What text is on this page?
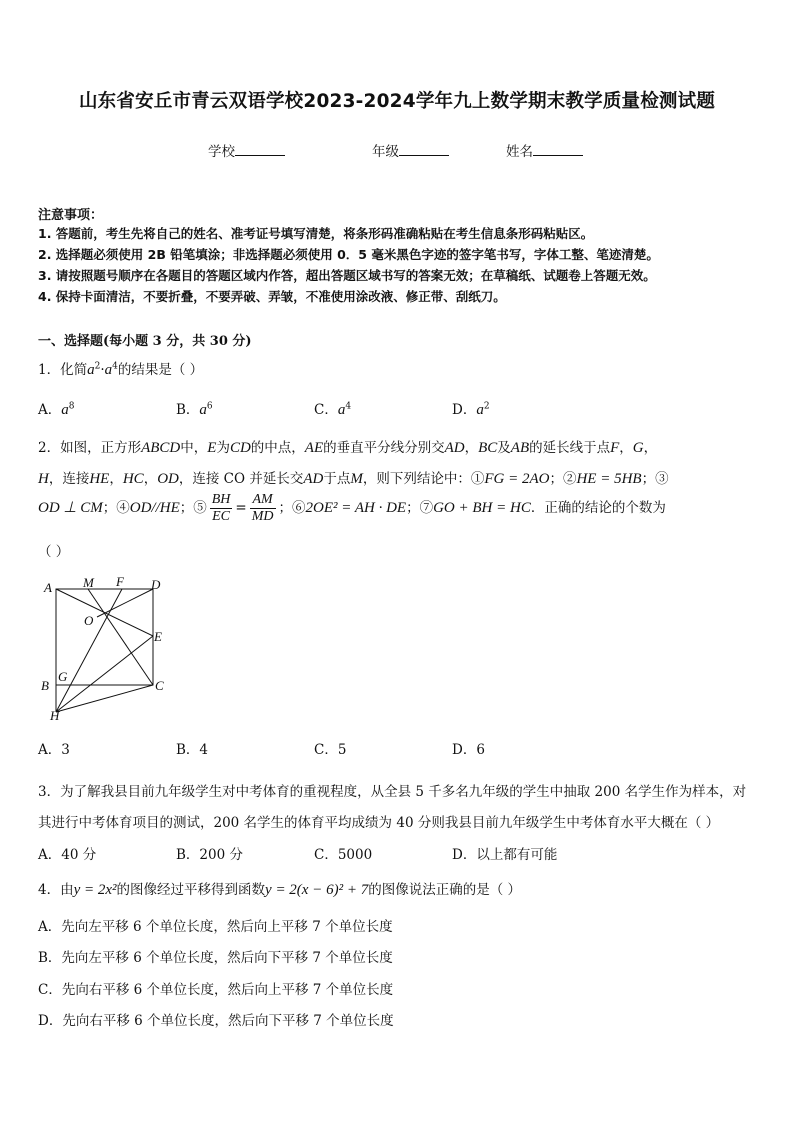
山东省安丘市青云双语学校2023-2024学年九上数学期末教学质量检测试题
学校	年级	姓名
注意事项：
1. 答题前，考生先将自己的姓名、准考证号填写清楚，将条形码准确粘贴在考生信息条形码粘贴区。
2. 选择题必须使用 2B 铅笔填涂；非选择题必须使用 0．5 毫米黑色字迹的签字笔书写，字体工整、笔迹清楚。
3. 请按照题号顺序在各题目的答题区域内作答，超出答题区域书写的答案无效；在草稿纸、试题卷上答题无效。
4. 保持卡面清洁，不要折叠，不要弄破、弄皱，不准使用涂改液、修正带、刮纸刀。
一、选择题(每小题 3 分，共 30 分)
1．化简$a^2\cdot a^4$的结果是（ ）
A．$a^8$	B．$a^6$	C．$a^4$	D．$a^2$
2．如图，正方形ABCD中，E为CD的中点，AE的垂直平分线分别交AD，BC及AB的延长线于点F，G，
H，连接HE，HC，OD，连接 CO 并延长交AD于点M，则下列结论中：①FG = 2AO；②HE = 5HB；③
OD ⊥ CM；④OD//HE；⑤ $\frac{BH}{EC} = \frac{AM}{MD}$ ；⑥2OE² = AH · DE；⑦GO + BH = HC．正确的结论的个数为
（ ）
A M F D
O
E
B
G
C
H
A．3	B．4	C．5	D．6
3．为了解我县目前九年级学生对中考体育的重视程度，从全县 5 千多名九年级的学生中抽取 200 名学生作为样本，对
其进行中考体育项目的测试，200 名学生的体育平均成绩为 40 分则我县目前九年级学生中考体育水平大概在（ ）
A．40 分	B．200 分	C．5000	D．以上都有可能
4．由y = 2x²的图像经过平移得到函数y = 2(x − 6)² + 7的图像说法正确的是（ ）
A．先向左平移 6 个单位长度，然后向上平移 7 个单位长度
B．先向左平移 6 个单位长度，然后向下平移 7 个单位长度
C．先向右平移 6 个单位长度，然后向上平移 7 个单位长度
D．先向右平移 6 个单位长度，然后向下平移 7 个单位长度
